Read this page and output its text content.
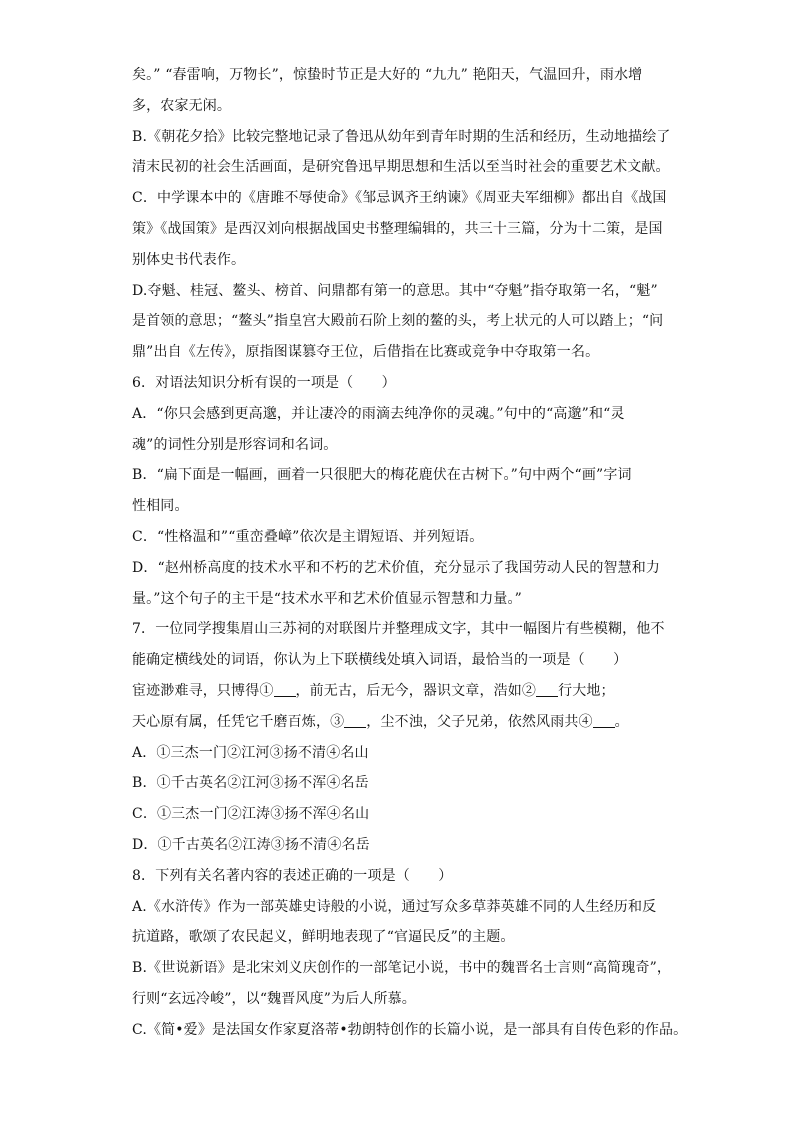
矣。” “春雷响，万物长”，惊蛰时节正是大好的 “九九” 艳阳天，气温回升，雨水增
多，农家无闲。
B.《朝花夕拾》比较完整地记录了鲁迅从幼年到青年时期的生活和经历，生动地描绘了
清末民初的社会生活画面，是研究鲁迅早期思想和生活以至当时社会的重要艺术文献。
C．中学课本中的《唐雎不辱使命》《邹忌讽齐王纳谏》《周亚夫军细柳》都出自《战国
策》《战国策》是西汉刘向根据战国史书整理编辑的，共三十三篇，分为十二策，是国
别体史书代表作。
D.夺魁、桂冠、鳌头、榜首、问鼎都有第一的意思。其中“夺魁”指夺取第一名，“魁”
是首领的意思；“鳌头”指皇宫大殿前石阶上刻的鳌的头，考上状元的人可以踏上；“问
鼎”出自《左传》，原指图谋篡夺王位，后借指在比赛或竞争中夺取第一名。
6．对语法知识分析有误的一项是（　　）
A．“你只会感到更高邈，并让凄冷的雨滴去纯净你的灵魂。”句中的“高邈”和“灵
魂”的词性分别是形容词和名词。
B．“扁下面是一幅画，画着一只很肥大的梅花鹿伏在古树下。”句中两个“画”字词
性相同。
C．“性格温和”“重峦叠嶂”依次是主谓短语、并列短语。
D．“赵州桥高度的技术水平和不朽的艺术价值，充分显示了我国劳动人民的智慧和力
量。”这个句子的主干是“技术水平和艺术价值显示智慧和力量。”
7．一位同学搜集眉山三苏祠的对联图片并整理成文字，其中一幅图片有些模糊，他不
能确定横线处的词语，你认为上下联横线处填入词语，最恰当的一项是（　　）
宦迹渺难寻，只博得① ，前无古，后无今，器识文章，浩如② 行大地；
天心原有属，任凭它千磨百炼，③ ，尘不浊，父子兄弟，依然风雨共④ 。
A．①三杰一门②江河③扬不清④名山
B．①千古英名②江河③扬不浑④名岳
C．①三杰一门②江涛③扬不浑④名山
D．①千古英名②江涛③扬不清④名岳
8．下列有关名著内容的表述正确的一项是（　　）
A.《水浒传》作为一部英雄史诗般的小说，通过写众多草莽英雄不同的人生经历和反
抗道路，歌颂了农民起义，鲜明地表现了“官逼民反”的主题。
B.《世说新语》是北宋刘义庆创作的一部笔记小说，书中的魏晋名士言则“高简瑰奇”，
行则“玄远冷峻”，以“魏晋风度”为后人所慕。
C.《简•爱》是法国女作家夏洛蒂•勃朗特创作的长篇小说，是一部具有自传色彩的作品。
